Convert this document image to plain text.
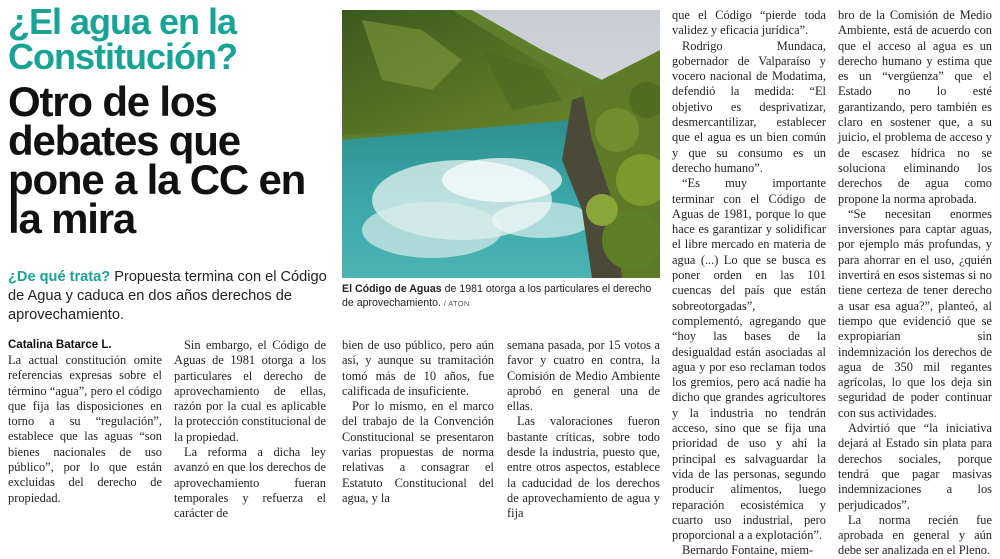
¿El agua en la Constitución?
Otro de los debates que pone a la CC en la mira
¿De qué trata? Propuesta termina con el Código de Agua y caduca en dos años derechos de aprovechamiento.
El Código de Aguas de 1981 otorga a los particulares el derecho de aprovechamiento. / ATON
Catalina Batarce L.

La actual constitución omite referencias expresas sobre el término “agua”, pero el código que fija las disposiciones en torno a su “regulación”, establece que las aguas “son bienes nacionales de uso público”, por lo que están excluidas del derecho de propiedad.

Sin embargo, el Código de Aguas de 1981 otorga a los particulares el derecho de aprovechamiento de ellas, razón por la cual es aplicable la protección constitucional de la propiedad.

La reforma a dicha ley avanzó en que los derechos de aprovechamiento fueran temporales y refuerza el carácter de

bien de uso público, pero aún así, y aunque su tramitación tomó más de 10 años, fue calificada de insuficiente.

Por lo mismo, en el marco del trabajo de la Convención Constitucional se presentaron varias propuestas de norma relativas a consagrar el Estatuto Constitucional del agua, y la

semana pasada, por 15 votos a favor y cuatro en contra, la Comisión de Medio Ambiente aprobó en general una de ellas.

Las valoraciones fueron bastante críticas, sobre todo desde la industria, puesto que, entre otros aspectos, establece la caducidad de los derechos de aprovechamiento de agua y fija

que el Código “pierde toda validez y eficacia jurídica”.

Rodrigo Mundaca, gobernador de Valparaíso y vocero nacional de Modatima, defendió la medida: “El objetivo es desprivatizar, desmercantilizar, establecer que el agua es un bien común y que su consumo es un derecho humano”.

“Es muy importante terminar con el Código de Aguas de 1981, porque lo que hace es garantizar y solidificar el libre mercado en materia de agua (...) Lo que se busca es poner orden en las 101 cuencas del país que están sobreotorgadas”, complementó, agregando que “hoy las bases de la desigualdad están asociadas al agua y por eso reclaman todos los gremios, pero acá nadie ha dicho que grandes agricultores y la industria no tendrán acceso, sino que se fija una prioridad de uso y ahí la principal es salvaguardar la vida de las personas, segundo producir alimentos, luego reparación ecosistémica y cuarto uso industrial, pero proporcional a a explotación”.

Bernardo Fontaine, miem-

bro de la Comisión de Medio Ambiente, está de acuerdo con que el acceso al agua es un derecho humano y estima que es un “vergüenza” que el Estado no lo esté garantizando, pero también es claro en sostener que, a su juicio, el problema de acceso y de escasez hídrica no se soluciona eliminando los derechos de agua como propone la norma aprobada.

“Se necesitan enormes inversiones para captar aguas, por ejemplo más profundas, y para ahorrar en el uso, ¿quién invertirá en esos sistemas si no tiene certeza de tener derecho a usar esa agua?”, planteó, al tiempo que evidenció que se expropiarían sin indemnización los derechos de agua de 350 mil regantes agrícolas, lo que los deja sin seguridad de poder continuar con sus actividades.

Advirtió que “la iniciativa dejará al Estado sin plata para derechos sociales, porque tendrá que pagar masivas indemnizaciones a los perjudicados”.

La norma recién fue aprobada en general y aún debe ser analizada en el Pleno.
